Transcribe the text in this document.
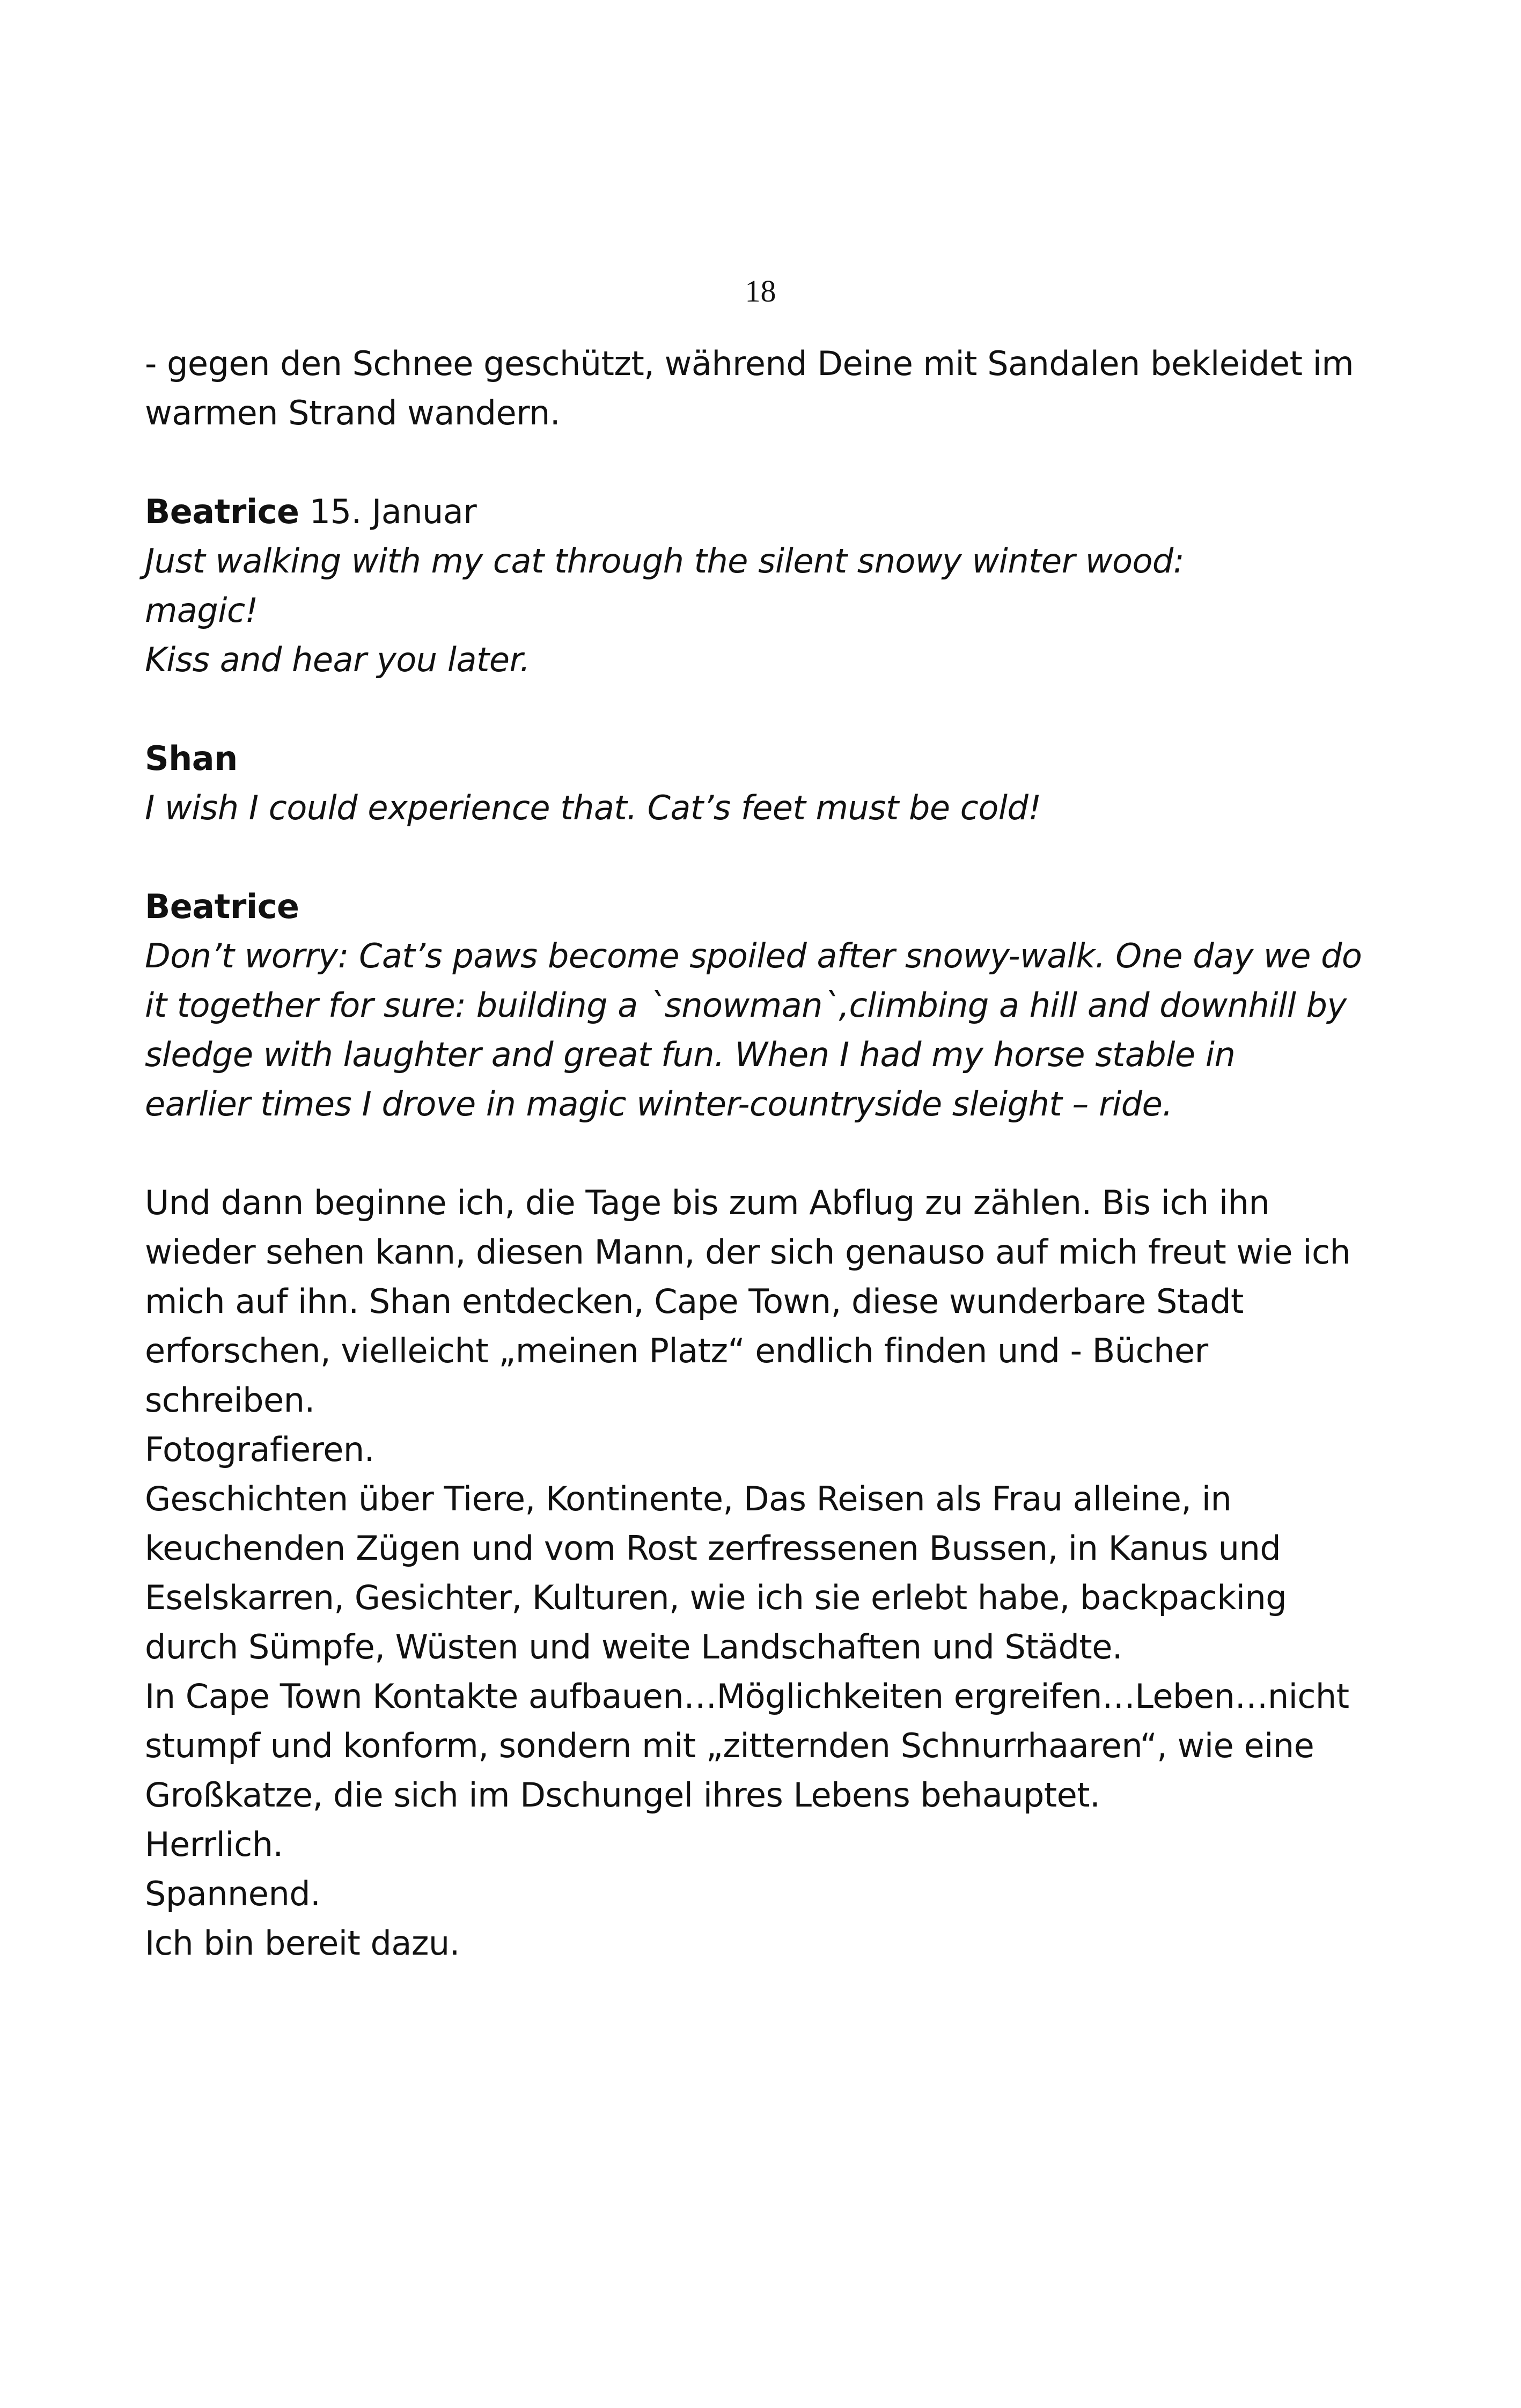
18
- gegen den Schnee geschützt, während Deine mit Sandalen bekleidet im
warmen Strand wandern.
Beatrice 15. Januar
Just walking with my cat through the silent snowy winter wood:
magic!
Kiss and hear you later.
Shan
I wish I could experience that. Cat’s feet must be cold!
Beatrice
Don’t worry: Cat’s paws become spoiled after snowy-walk. One day we do
it together for sure: building a `snowman`,climbing a hill and downhill by
sledge with laughter and great fun. When I had my horse stable in
earlier times I drove in magic winter-countryside sleight – ride.
Und dann beginne ich, die Tage bis zum Abflug zu zählen. Bis ich ihn
wieder sehen kann, diesen Mann, der sich genauso auf mich freut wie ich
mich auf ihn. Shan entdecken, Cape Town, diese wunderbare Stadt
erforschen, vielleicht „meinen Platz“ endlich finden und - Bücher
schreiben.
Fotografieren.
Geschichten über Tiere, Kontinente, Das Reisen als Frau alleine, in
keuchenden Zügen und vom Rost zerfressenen Bussen, in Kanus und
Eselskarren, Gesichter, Kulturen, wie ich sie erlebt habe, backpacking
durch Sümpfe, Wüsten und weite Landschaften und Städte.
In Cape Town Kontakte aufbauen…Möglichkeiten ergreifen…Leben…nicht
stumpf und konform, sondern mit „zitternden Schnurrhaaren“, wie eine
Großkatze, die sich im Dschungel ihres Lebens behauptet.
Herrlich.
Spannend.
Ich bin bereit dazu.
